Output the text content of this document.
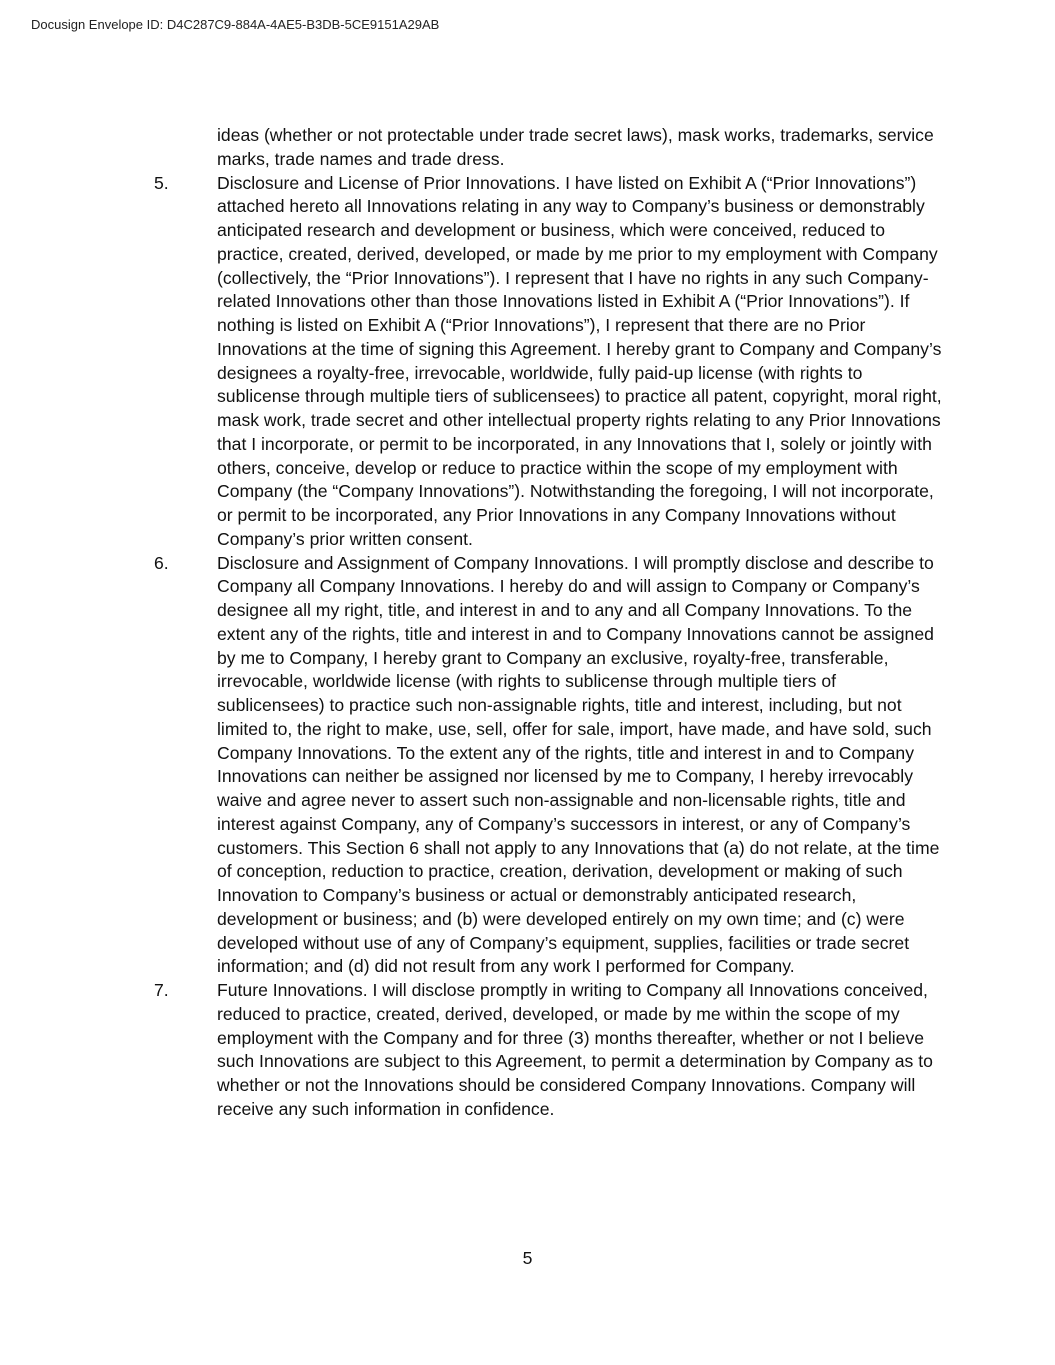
Docusign Envelope ID: D4C287C9-884A-4AE5-B3DB-5CE9151A29AB

ideas (whether or not protectable under trade secret laws), mask works, trademarks, service marks, trade names and trade dress.

5.	Disclosure and License of Prior Innovations. I have listed on Exhibit A (“Prior Innovations”) attached hereto all Innovations relating in any way to Company’s business or demonstrably anticipated research and development or business, which were conceived, reduced to practice, created, derived, developed, or made by me prior to my employment with Company (collectively, the “Prior Innovations”). I represent that I have no rights in any such Company-related Innovations other than those Innovations listed in Exhibit A (“Prior Innovations”). If nothing is listed on Exhibit A (“Prior Innovations”), I represent that there are no Prior Innovations at the time of signing this Agreement. I hereby grant to Company and Company’s designees a royalty-free, irrevocable, worldwide, fully paid-up license (with rights to sublicense through multiple tiers of sublicensees) to practice all patent, copyright, moral right, mask work, trade secret and other intellectual property rights relating to any Prior Innovations that I incorporate, or permit to be incorporated, in any Innovations that I, solely or jointly with others, conceive, develop or reduce to practice within the scope of my employment with Company (the “Company Innovations”). Notwithstanding the foregoing, I will not incorporate, or permit to be incorporated, any Prior Innovations in any Company Innovations without Company’s prior written consent.

6.	Disclosure and Assignment of Company Innovations. I will promptly disclose and describe to Company all Company Innovations. I hereby do and will assign to Company or Company’s designee all my right, title, and interest in and to any and all Company Innovations. To the extent any of the rights, title and interest in and to Company Innovations cannot be assigned by me to Company, I hereby grant to Company an exclusive, royalty-free, transferable, irrevocable, worldwide license (with rights to sublicense through multiple tiers of sublicensees) to practice such non-assignable rights, title and interest, including, but not limited to, the right to make, use, sell, offer for sale, import, have made, and have sold, such Company Innovations. To the extent any of the rights, title and interest in and to Company Innovations can neither be assigned nor licensed by me to Company, I hereby irrevocably waive and agree never to assert such non-assignable and non-licensable rights, title and interest against Company, any of Company’s successors in interest, or any of Company’s customers. This Section 6 shall not apply to any Innovations that (a) do not relate, at the time of conception, reduction to practice, creation, derivation, development or making of such Innovation to Company’s business or actual or demonstrably anticipated research, development or business; and (b) were developed entirely on my own time; and (c) were developed without use of any of Company’s equipment, supplies, facilities or trade secret information; and (d) did not result from any work I performed for Company.

7.	Future Innovations. I will disclose promptly in writing to Company all Innovations conceived, reduced to practice, created, derived, developed, or made by me within the scope of my employment with the Company and for three (3) months thereafter, whether or not I believe such Innovations are subject to this Agreement, to permit a determination by Company as to whether or not the Innovations should be considered Company Innovations. Company will receive any such information in confidence.

5
